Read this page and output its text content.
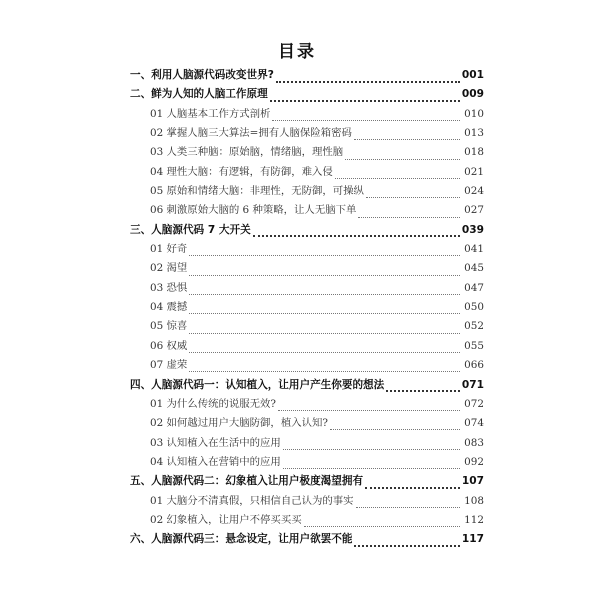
目录
一、利用人脑源代码改变世界?	001
二、鲜为人知的人脑工作原理	009
01 人脑基本工作方式剖析	010
02 掌握人脑三大算法=拥有人脑保险箱密码	013
03 人类三种脑：原始脑，情绪脑，理性脑	018
04 理性大脑：有逻辑，有防御，难入侵	021
05 原始和情绪大脑：非理性，无防御，可操纵	024
06 刺激原始大脑的 6 种策略，让人无脑下单	027
三、人脑源代码 7 大开关	039
01 好奇	041
02 渴望	045
03 恐惧	047
04 震撼	050
05 惊喜	052
06 权威	055
07 虚荣	066
四、人脑源代码一：认知植入，让用户产生你要的想法	071
01 为什么传统的说服无效?	072
02 如何越过用户大脑防御，植入认知?	074
03 认知植入在生活中的应用	083
04 认知植入在营销中的应用	092
五、人脑源代码二：幻象植入让用户极度渴望拥有	107
01 大脑分不清真假，只相信自己认为的事实	108
02 幻象植入，让用户不停买买买	112
六、人脑源代码三：悬念设定，让用户欲罢不能	117
